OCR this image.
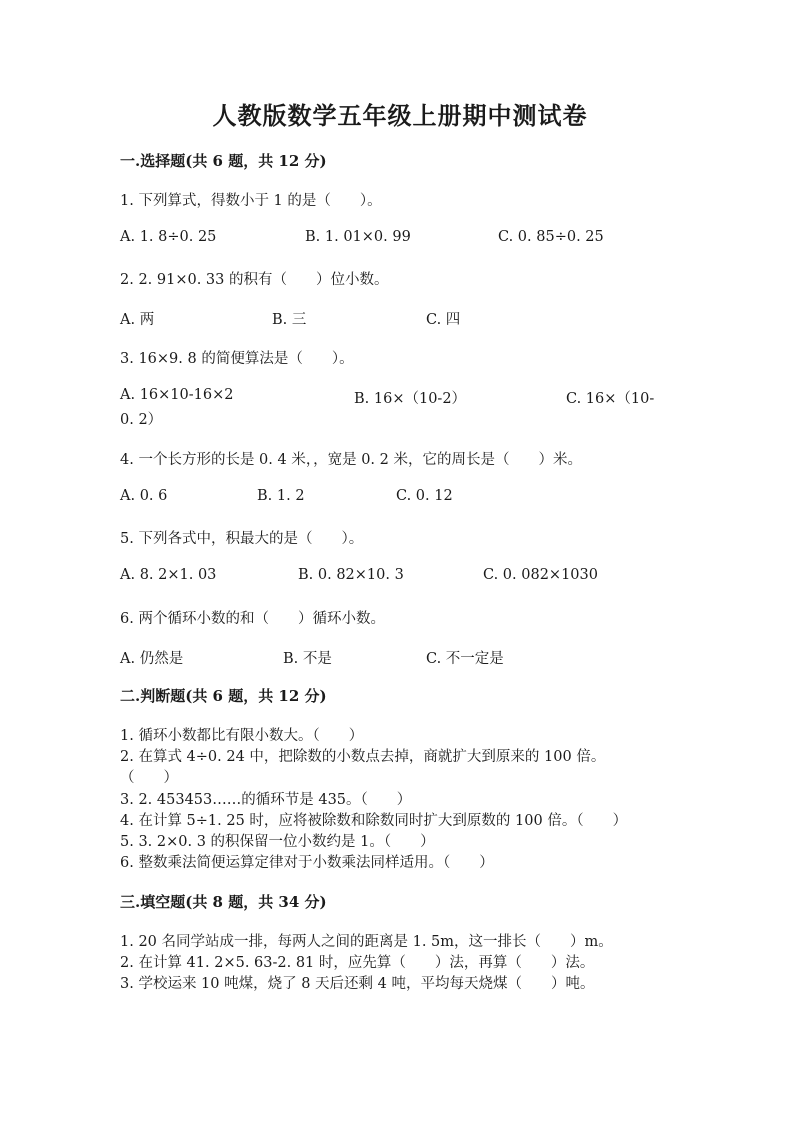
人教版数学五年级上册期中测试卷
一.选择题(共 6 题，共 12 分)
1. 下列算式，得数小于 1 的是（　　）。
A. 1. 8÷0. 25	B. 1. 01×0. 99	C. 0. 85÷0. 25
2. 2. 91×0. 33 的积有（　　）位小数。
A. 两	B. 三	C. 四
3. 16×9. 8 的简便算法是（　　）。
A. 16×10-16×2	B. 16×（10-2）	C. 16×（10-
0. 2）
4. 一个长方形的长是 0. 4 米，，宽是 0. 2 米，它的周长是（　　）米。
A. 0. 6	B. 1. 2	C. 0. 12
5. 下列各式中，积最大的是（　　）。
A. 8. 2×1. 03	B. 0. 82×10. 3	C. 0. 082×1030
6. 两个循环小数的和（　　）循环小数。
A. 仍然是	B. 不是	C. 不一定是
二.判断题(共 6 题，共 12 分)
1. 循环小数都比有限小数大。（　　）
2. 在算式 4÷0. 24 中，把除数的小数点去掉，商就扩大到原来的 100 倍。
（　　）
3. 2. 453453……的循环节是 435。（　　）
4. 在计算 5÷1. 25 时，应将被除数和除数同时扩大到原数的 100 倍。（　　）
5. 3. 2×0. 3 的积保留一位小数约是 1。（　　）
6. 整数乘法简便运算定律对于小数乘法同样适用。（　　）
三.填空题(共 8 题，共 34 分)
1. 20 名同学站成一排，每两人之间的距离是 1. 5m，这一排长（　　）m。
2. 在计算 41. 2×5. 63-2. 81 时，应先算（　　）法，再算（　　）法。
3. 学校运来 10 吨煤，烧了 8 天后还剩 4 吨，平均每天烧煤（　　）吨。
